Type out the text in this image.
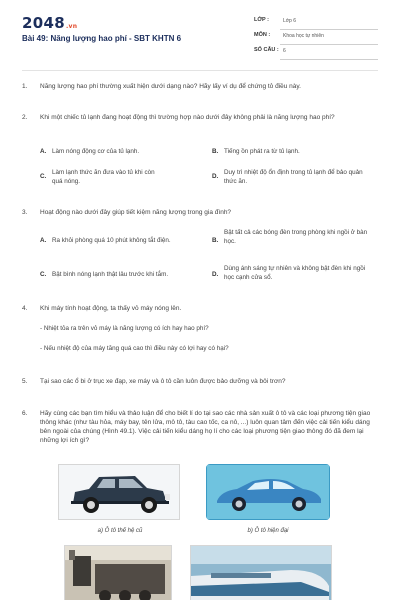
2048.vn
Bài 49: Năng lượng hao phí - SBT KHTN 6
LỚP :	Lớp 6
MÔN :	Khoa học tự nhiên
SỐ CÂU : 6
1. Năng lượng hao phí thường xuất hiện dưới dạng nào? Hãy lấy ví dụ để chứng tỏ điều này.
2. Khi một chiếc tủ lạnh đang hoạt động thì trường hợp nào dưới đây không phải là năng lượng hao phí?
A. Làm nóng động cơ của tủ lạnh.	B. Tiếng ồn phát ra từ tủ lạnh.
C.
Làm lạnh thức ăn đưa vào tủ khi còn quá nóng.
D.
Duy trì nhiệt độ ổn định trong tủ lạnh để bảo quản thức ăn.
3. Hoạt động nào dưới đây giúp tiết kiệm năng lượng trong gia đình?
A. Ra khỏi phòng quá 10 phút không tắt điện.	B.
Bật tất cả các bóng đèn trong phòng khi ngồi ở bàn học.
C. Bật bình nóng lạnh thật lâu trước khi tắm.	D.
Dùng ánh sáng tự nhiên và không bật đèn khi ngồi học cạnh cửa sổ.
4. Khi máy tính hoạt động, ta thấy vỏ máy nóng lên.
- Nhiệt tỏa ra trên vỏ máy là năng lượng có ích hay hao phí?
- Nếu nhiệt độ của máy tăng quá cao thì điều này có lợi hay có hại?
5. Tại sao các ổ bi ở trục xe đạp, xe máy và ô tô cần luôn được bảo dưỡng và bôi trơn?
6. Hãy cùng các bạn tìm hiểu và thảo luận để cho biết lí do tại sao các nhà sản xuất ô tô và các loại phương tiện giao thông khác (như tàu hỏa, máy bay, tên lửa, mô tô, tàu cao tốc, ca nô, ...) luôn quan tâm đến việc cải tiến kiểu dáng bên ngoài của chúng (Hình 49.1). Việc cải tiến kiểu dáng họ lí cho các loại phương tiện giao thông đó đã đem lại những lợi ích gì?
a) Ô tô thế hệ cũ	b) Ô tô hiện đại
